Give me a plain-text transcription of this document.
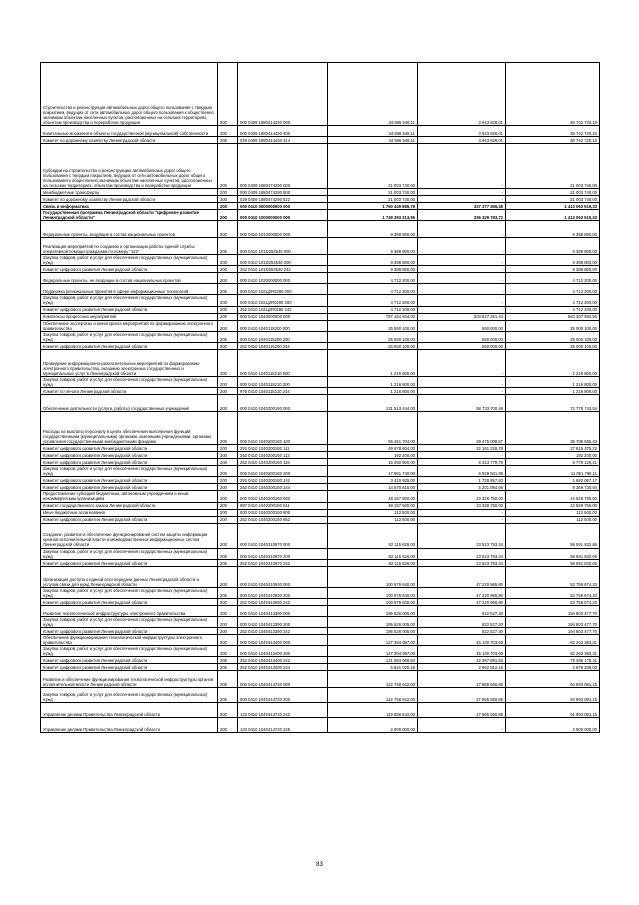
Строительство и реконструкция автомобильных дорог общего пользования с твердым покрытием, ведущих от сети автомобильных дорог общего пользования к общественно значимым объектам населенных пунктов, расположенных на сельских территориях, объектам производства и переработки продукции	200	000 0409 1880414430 000	34 686 548,11	3 943 828,01	30 742 720,10
Капитальные вложения в объекты государственной (муниципальной) собственности	200	000 0409 1880414430 400	34 686 548,11	3 943 828,01	30 742 720,10
Комитет по дорожному хозяйству Ленинградской области	200	029 0409 1880414430 414	34 686 548,11	3 943 828,01	30 742 720,10
Субсидии на строительство и реконструкцию автомобильных дорог общего пользования с твердым покрытием, ведущих от сети автомобильных дорог общего пользования к общественно значимым объектам населенных пунктов, расположенных на сельских территориях, объектам производства и переработки продукции	200	000 0409 1880474290 000	21 003 740,00	-	21 003 740,00
Межбюджетные трансферты	200	000 0409 1880474290 500	21 003 740,00	-	21 003 740,00
Комитет по дорожному хозяйству Ленинградской области	200	029 0409 1880474290 522	21 003 740,00	-	21 003 740,00
Связь и информатика	200	000 0410 0000000000 000	1 750 449 885,78	337 377 366,45	1 413 063 519,33
Государственная программа Ленинградской области "Цифровое развитие Ленинградской области"	200	000 0410 1000000000 000	1 749 393 313,95	336 329 793,72	1 413 063 519,33
Федеральные проекты, входящие в состав национальных проектов	200	000 0410 1010000000 000	9 388 800,00	-	9 388 800,00
Реализация мероприятий по созданию и организации работы единой службы оперативной помощи гражданам по номеру "122"	200	000 0410 101D253540 000	9 388 800,00	-	9 388 800,00
Закупка товаров, работ и услуг для обеспечения государственных (муниципальных) нужд	200	000 0410 101D253540 200	9 388 800,00	-	9 388 800,00
Комитет цифрового развития Ленинградской области	200	252 0410 101D253540 242	9 388 800,00	-	9 388 800,00
Федеральные проекты, не входящие в состав национальных проектов	200	000 0410 1020000000 000	4 712 200,00	-	4 712 200,00
Поддержка региональных проектов в сфере информационных технологий	200	000 0410 102Ц2R0280 000	4 712 200,00	-	4 712 200,00
Закупка товаров, работ и услуг для обеспечения государственных (муниципальных) нужд	200	000 0410 102Ц2R0280 200	4 712 200,00	-	4 712 200,00
Комитет цифрового развития Ленинградской области	200	252 0410 102Ц2R0280 242	4 712 200,00	-	4 712 200,00
Комплексы процессных мероприятий	200	000 0410 1040000000 000	787 154 844,00	203 847 251,44	583 307 592,56
Обеспечение экспертизы и мониторинга мероприятий по формированию электронного правительства	200	000 0410 1040115200 000	25 550 100,00	550 000,00	25 000 100,00
Закупка товаров, работ и услуг для обеспечения государственных (муниципальных) нужд	200	000 0410 1040115200 200	25 550 100,00	550 000,00	25 000 100,00
Комитет цифрового развития Ленинградской области	200	252 0410 1040115200 244	25 550 100,00	550 000,00	25 000 100,00
Проведение информационно-разъяснительных мероприятий по формированию электронного правительства, оказанию электронных государственных и муниципальных услуг в Ленинградской области	200	000 0410 1040115210 000	1 216 800,00	-	1 216 800,00
Закупка товаров, работ и услуг для обеспечения государственных (муниципальных) нужд	200	000 0410 1040115210 200	1 216 800,00	-	1 216 800,00
Комитет по печати Ленинградской области	200	976 0410 1040115210 244	1 216 800,00	-	1 216 800,00
Обеспечение деятельности (услуги, работы) государственных учреждений	200	000 0410 1040200160 000	131 513 444,00	58 733 700,46	72 779 743,54
Расходы на выплаты персоналу в целях обеспечения выполнения функций государственными (муниципальными) органами, казенными учреждениями, органами управления государственными внебюджетными фондами	200	000 0410 1040200160 100	65 261 704,00	28 475 008,57	36 786 695,43
Комитет цифрового развития Ленинградской области	200	252 0410 1040200160 111	49 978 604,00	22 161 228,78	27 815 375,22
Комитет цифрового развития Ленинградской области	200	252 0410 1040200160 112	192 200,00	-	192 200,00
Комитет цифрового развития Ленинградской области	200	252 0410 1040200160 119	15 092 900,00	6 313 779,79	8 779 120,21
Закупка товаров, работ и услуг для обеспечения государственных (муниципальных) нужд	200	000 0410 1040200160 200	17 981 740,00	6 929 941,89	11 051 798,11
Комитет цифрового развития Ленинградской области	200	252 0410 1040200160 242	3 410 925,00	1 728 857,83	1 682 067,17
Комитет цифрового развития Ленинградской области	200	252 0410 1040200160 244	14 570 815,00	5 201 084,06	9 369 730,94
Предоставление субсидий бюджетным, автономным учреждениям и иным некоммерческим организациям	200	000 0410 1040200160 600	48 157 500,00	23 328 750,00	24 828 750,00
Комитет государственного заказа Ленинградской области	200	987 0410 1040200160 611	48 157 500,00	23 328 750,00	24 828 750,00
Иные бюджетные ассигнования	200	000 0410 1040200160 800	112 500,00	-	112 500,00
Комитет цифрового развития Ленинградской области	200	252 0410 1040200160 852	112 500,00	-	112 500,00
Создание, развитие и обеспечение функционирования систем защиты информации органов исполнительной власти и межведомственных информационных систем Ленинградской области	200	000 0410 1040310970 000	82 115 626,00	23 523 793,34	58 591 832,66
Закупка товаров, работ и услуг для обеспечения государственных (муниципальных) нужд	200	000 0410 1040310970 200	82 115 626,00	23 523 793,34	58 591 832,66
Комитет цифрового развития Ленинградской области	200	252 0410 1040310970 242	82 115 626,00	23 523 793,34	58 591 832,66
Организация доступа к единой сети передачи данных Ленинградской области и услугам связи для нужд Ленинградской области	200	000 0410 1040410930 000	100 979 640,00	47 220 965,80	53 758 674,20
Закупка товаров, работ и услуг для обеспечения государственных (муниципальных) нужд	200	000 0410 1040410930 200	100 979 640,00	47 220 965,80	53 758 674,20
Комитет цифрового развития Ленинградской области	200	252 0410 1040410930 242	100 979 640,00	47 220 965,80	53 758 674,20
Развитие технологической инфраструктуры электронного правительства	200	000 0410 1040413390 000	195 626 005,00	822 527,30	194 803 477,70
Закупка товаров, работ и услуг для обеспечения государственных (муниципальных) нужд	200	000 0410 1040413390 200	195 626 005,00	822 527,30	194 803 477,70
Комитет цифрового развития Ленинградской области	200	252 0410 1040413390 242	195 626 005,00	822 527,30	194 803 477,70
Обеспечение функционирования технологической инфраструктуры электронного правительства	200	000 0410 1040413400 000	127 394 087,00	45 130 703,69	82 263 383,31
Закупка товаров, работ и услуг для обеспечения государственных (муниципальных) нужд	200	000 0410 1040413400 200	127 394 087,00	45 130 703,69	82 263 383,31
Комитет цифрового развития Ленинградской области	200	252 0410 1040413400 242	121 553 066,84	42 267 891,53	79 285 175,31
Комитет цифрового развития Ленинградской области	200	252 0410 1040413400 244	5 841 020,16	2 862 812,16	2 978 208,00
Развитие и обеспечение функционирования технологической инфраструктуры органов исполнительной власти Ленинградской области	200	000 0410 1040414720 000	122 758 642,00	27 865 560,85	94 893 081,15
Закупка товаров, работ и услуг для обеспечения государственных (муниципальных) нужд	200	000 0410 1040414720 200	122 758 642,00	27 865 560,85	94 893 081,15
Управление делами Правительства Ленинградской области	200	133 0410 1040414720 242	119 858 642,00	27 865 560,85	91 993 081,15
Управление делами Правительства Ленинградской области	200	133 0410 1040414720 246	2 900 000,00	-	2 900 000,00
83
